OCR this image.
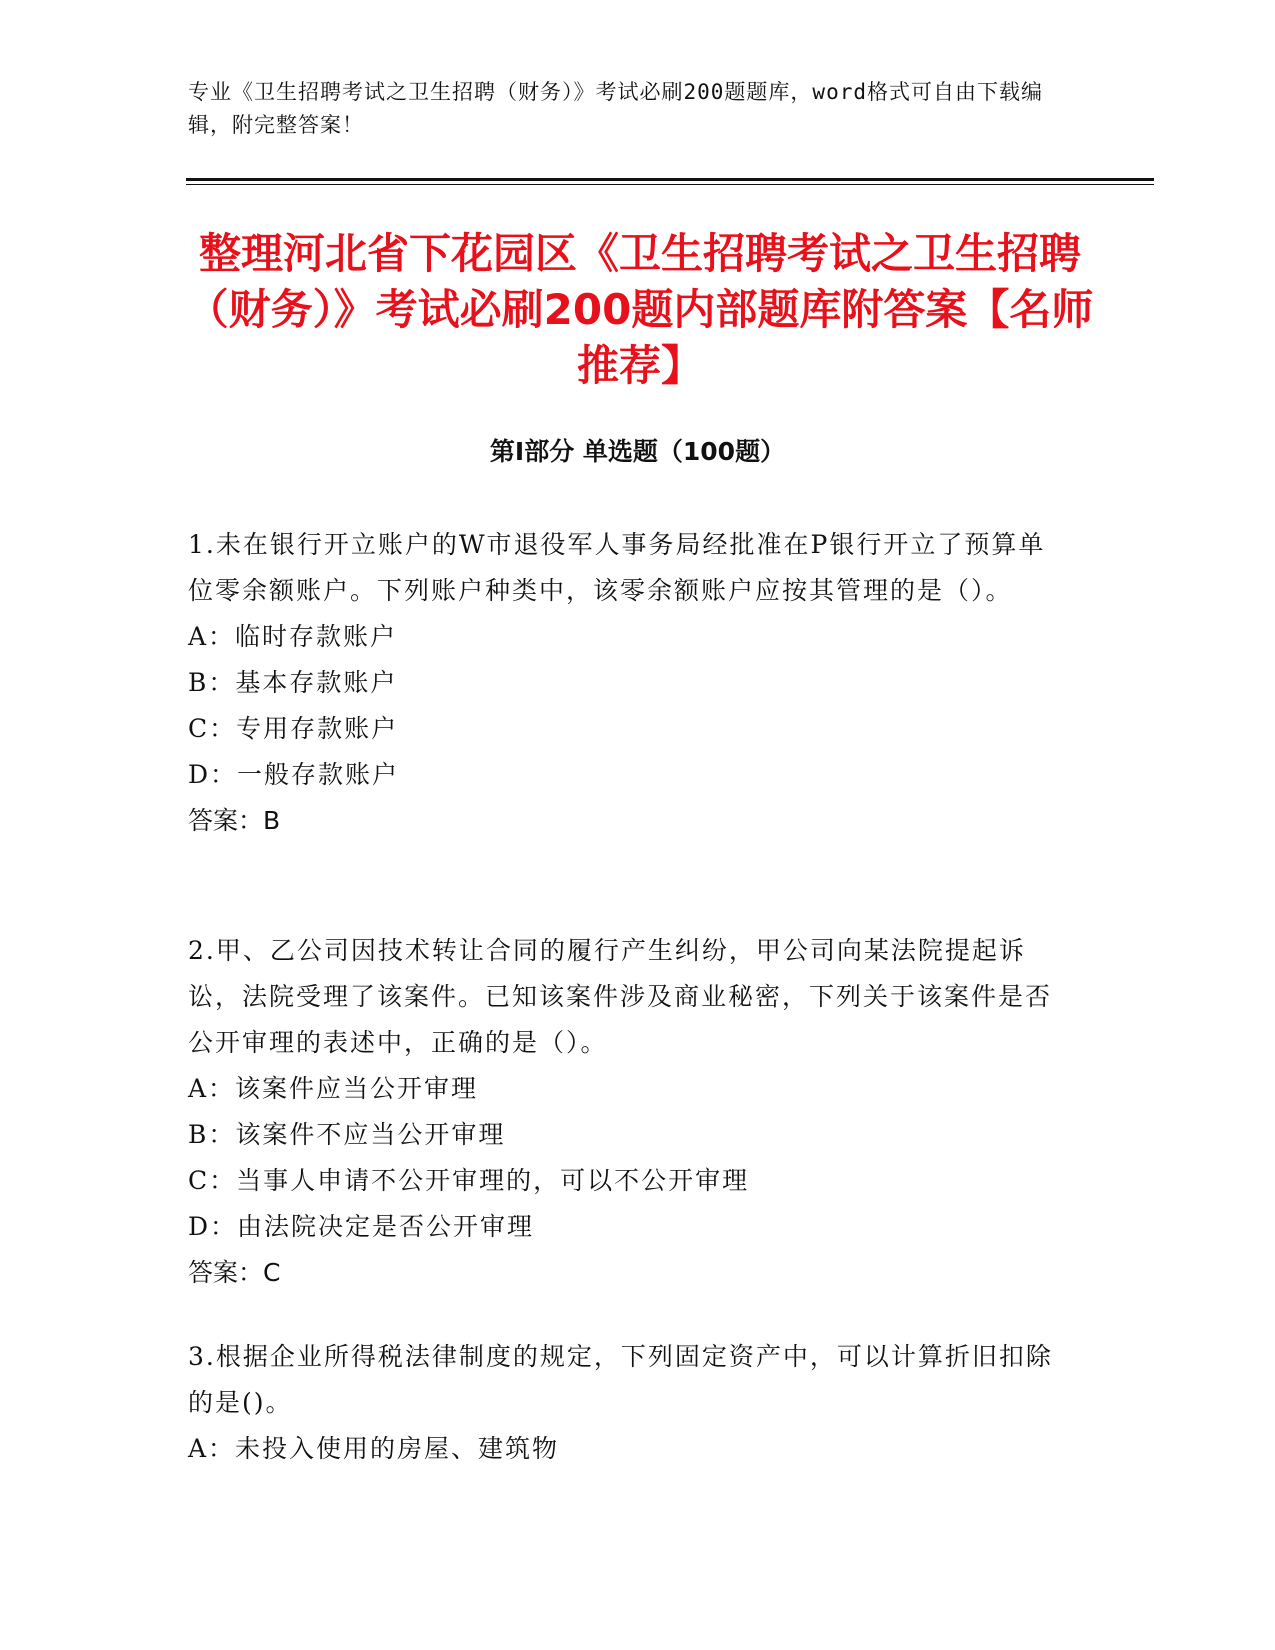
专业《卫生招聘考试之卫生招聘（财务）》考试必刷200题题库，word格式可自由下载编辑，附完整答案！
整理河北省下花园区《卫生招聘考试之卫生招聘（财务）》考试必刷200题内部题库附答案【名师推荐】
第Ⅰ部分 单选题（100题）

1.未在银行开立账户的W市退役军人事务局经批准在P银行开立了预算单位零余额账户。下列账户种类中，该零余额账户应按其管理的是（）。

A：临时存款账户

B：基本存款账户

C：专用存款账户

D：一般存款账户

答案：B

2.甲、乙公司因技术转让合同的履行产生纠纷，甲公司向某法院提起诉讼，法院受理了该案件。已知该案件涉及商业秘密，下列关于该案件是否公开审理的表述中，正确的是（）。

A：该案件应当公开审理

B：该案件不应当公开审理

C：当事人申请不公开审理的，可以不公开审理

D：由法院决定是否公开审理

答案：C

3.根据企业所得税法律制度的规定，下列固定资产中，可以计算折旧扣除的是()。

A：未投入使用的房屋、建筑物
